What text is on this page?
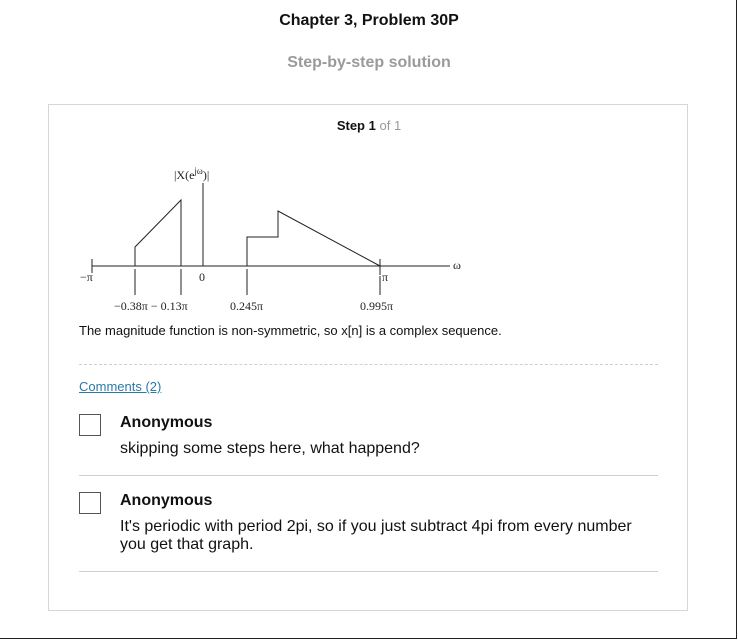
Chapter 3, Problem 30P
Step-by-step solution
Step 1 of 1
$|X(e^{j\omega})|$
ω
−π	0	π
−0.38π − 0.13π	0.245π	0.995π
The magnitude function is non-symmetric, so x[n] is a complex sequence.
Comments (2)
Anonymous
skipping some steps here, what happend?
Anonymous
It's periodic with period 2pi, so if you just subtract 4pi from every number you get that graph.
